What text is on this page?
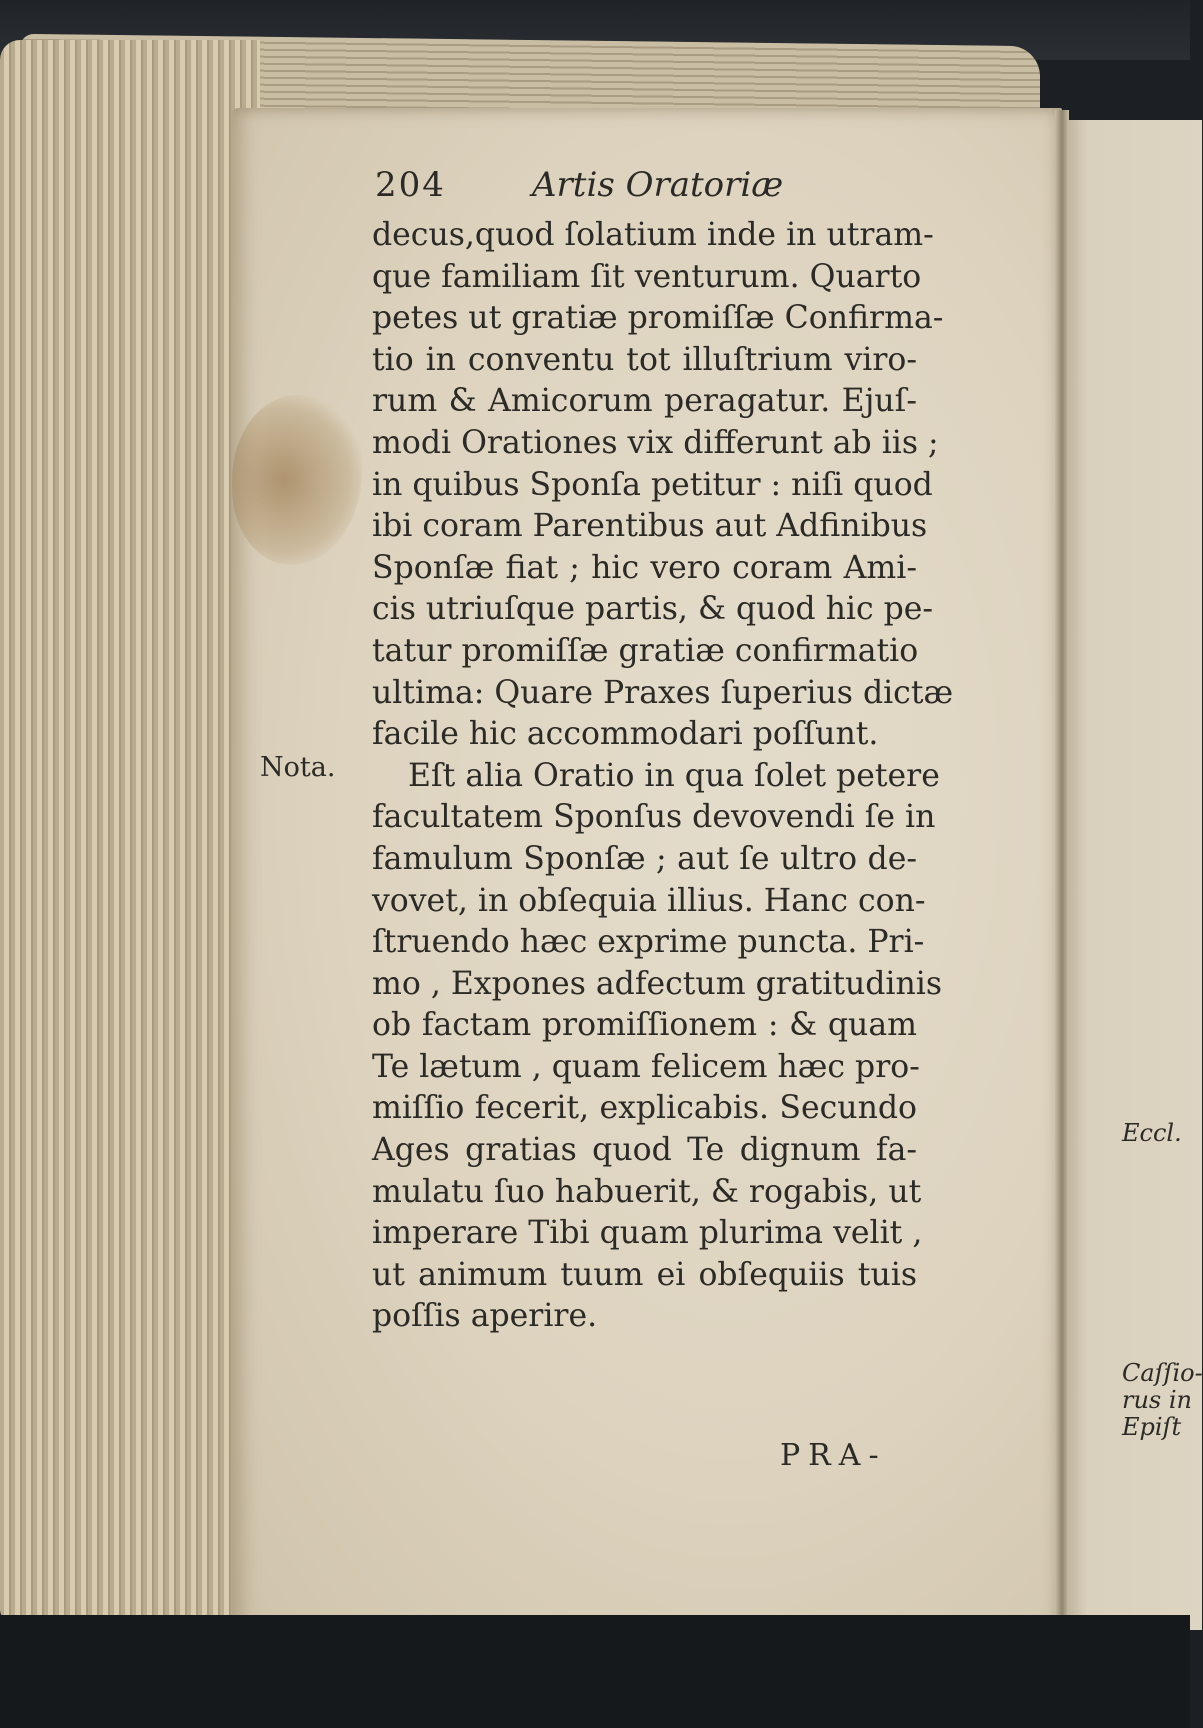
204	Artis Oratoriæ
Nota.
decus,quod ſolatium inde in utram-
que familiam ſit venturum. Quarto
petes ut gratiæ promiſſæ Confirma-
tio in conventu tot illuſtrium viro-
rum & Amicorum peragatur. Ejuſ-
modi Orationes vix differunt ab iis ;
in quibus Sponſa petitur : niſi quod
ibi coram Parentibus aut Adfinibus
Sponſæ fiat ; hic vero coram Ami-
cis utriuſque partis, & quod hic pe-
tatur promiſſæ gratiæ confirmatio
ultima: Quare Praxes ſuperius dictæ
facile hic accommodari poſſunt.
Eſt alia Oratio in qua ſolet petere
facultatem Sponſus devovendi ſe in
famulum Sponſæ ; aut ſe ultro de-
vovet, in obſequia illius. Hanc con-
ſtruendo hæc exprime puncta. Pri-
mo , Expones adfectum gratitudinis
ob factam promiſſionem : & quam
Te lætum , quam felicem hæc pro-
miſſio fecerit, explicabis. Secundo
Ages gratias quod Te dignum fa-
mulatu ſuo habuerit, & rogabis, ut
imperare Tibi quam plurima velit ,
ut animum tuum ei obſequiis tuis
poſſis aperire.
PRA-
Eccl.
Caſſio-
rus in
Epiſt
